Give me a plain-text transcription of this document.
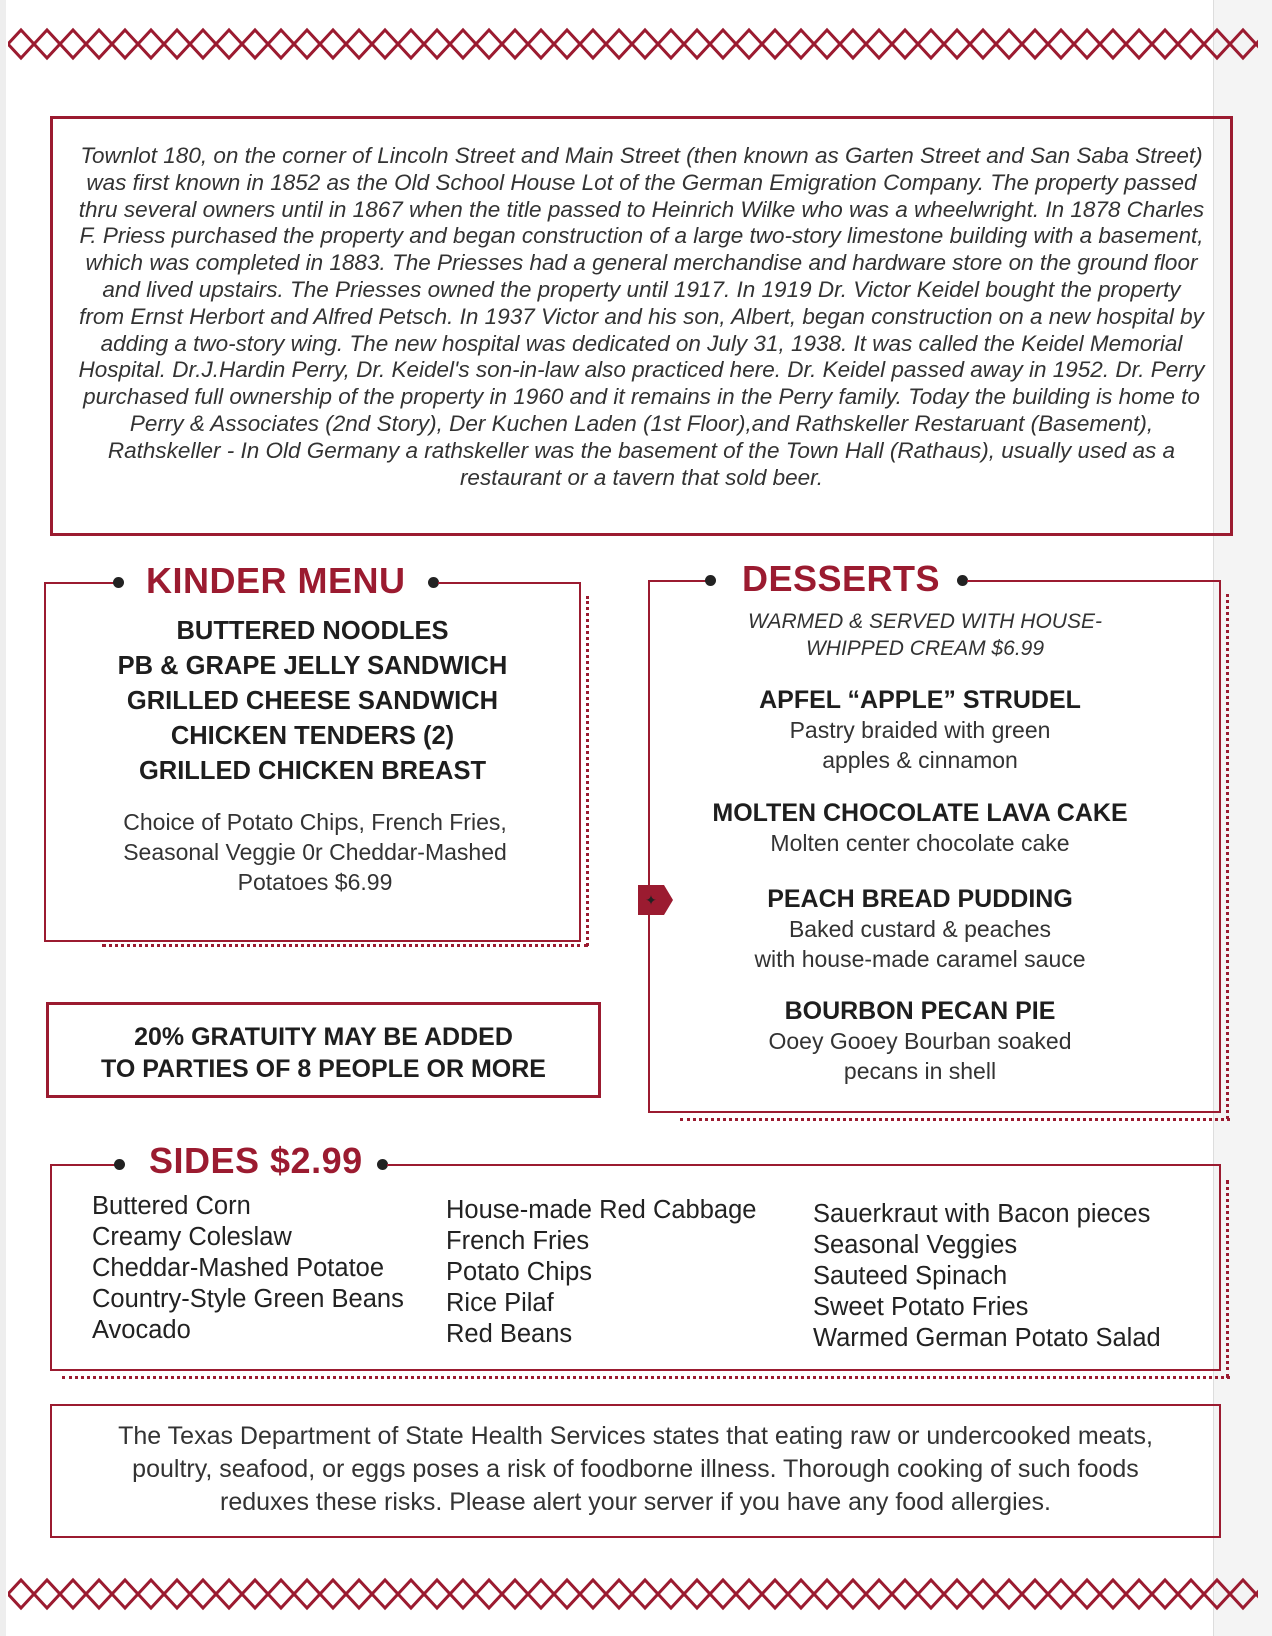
Townlot 180, on the corner of Lincoln Street and Main Street (then known as Garten Street and San Saba Street) was first known in 1852 as the Old School House Lot of the German Emigration Company. The property passed thru several owners until in 1867 when the title passed to Heinrich Wilke who was a wheelwright. In 1878 Charles F. Priess purchased the property and began construction of a large two-story limestone building with a basement, which was completed in 1883. The Priesses had a general merchandise and hardware store on the ground floor and lived upstairs. The Priesses owned the property until 1917. In 1919 Dr. Victor Keidel bought the property from Ernst Herbort and Alfred Petsch. In 1937 Victor and his son, Albert, began construction on a new hospital by adding a two-story wing. The new hospital was dedicated on July 31, 1938. It was called the Keidel Memorial Hospital. Dr.J.Hardin Perry, Dr. Keidel's son-in-law also practiced here. Dr. Keidel passed away in 1952. Dr. Perry purchased full ownership of the property in 1960 and it remains in the Perry family. Today the building is home to Perry & Associates (2nd Story), Der Kuchen Laden (1st Floor),and Rathskeller Restaruant (Basement), Rathskeller - In Old Germany a rathskeller was the basement of the Town Hall (Rathaus), usually used as a restaurant or a tavern that sold beer.
KINDER MENU
BUTTERED NOODLES
PB & GRAPE JELLY SANDWICH
GRILLED CHEESE SANDWICH
CHICKEN TENDERS (2)
GRILLED CHICKEN BREAST
Choice of Potato Chips, French Fries, Seasonal Veggie 0r Cheddar-Mashed Potatoes $6.99
20% GRATUITY MAY BE ADDED
TO PARTIES OF 8 PEOPLE OR MORE
DESSERTS
✦
WARMED & SERVED WITH HOUSE-
WHIPPED CREAM $6.99
APFEL “APPLE” STRUDEL
Pastry braided with green
apples & cinnamon
MOLTEN CHOCOLATE LAVA CAKE
Molten center chocolate cake
PEACH BREAD PUDDING
Baked custard & peaches
with house-made caramel sauce
BOURBON PECAN PIE
Ooey Gooey Bourban soaked
pecans in shell
SIDES $2.99
Buttered Corn
Creamy Coleslaw
Cheddar-Mashed Potatoe
Country-Style Green Beans
Avocado
House-made Red Cabbage
French Fries
Potato Chips
Rice Pilaf
Red Beans
Sauerkraut with Bacon pieces
Seasonal Veggies
Sauteed Spinach
Sweet Potato Fries
Warmed German Potato Salad
The Texas Department of State Health Services states that eating raw or undercooked meats, poultry, seafood, or eggs poses a risk of foodborne illness. Thorough cooking of such foods reduxes these risks. Please alert your server if you have any food allergies.
